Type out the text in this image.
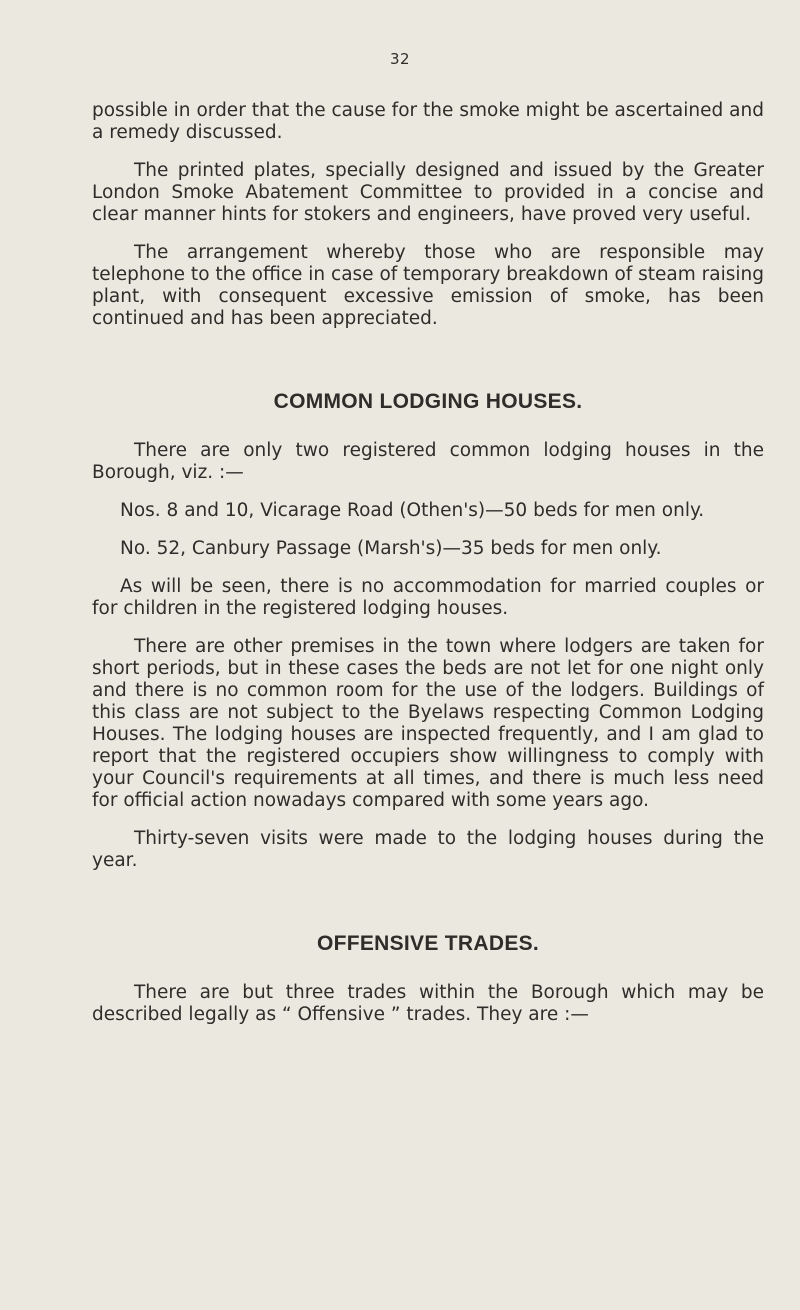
32

possible in order that the cause for the smoke might be ascertained and a remedy discussed.

The printed plates, specially designed and issued by the Greater London Smoke Abatement Committee to provided in a concise and clear manner hints for stokers and engineers, have proved very useful.

The arrangement whereby those who are responsible may telephone to the office in case of temporary breakdown of steam raising plant, with consequent excessive emission of smoke, has been continued and has been appreciated.

COMMON LODGING HOUSES.

There are only two registered common lodging houses in the Borough, viz. :—

Nos. 8 and 10, Vicarage Road (Othen's)—50 beds for men only.

No. 52, Canbury Passage (Marsh's)—35 beds for men only.

As will be seen, there is no accommodation for married couples or for children in the registered lodging houses.

There are other premises in the town where lodgers are taken for short periods, but in these cases the beds are not let for one night only and there is no common room for the use of the lodgers. Buildings of this class are not subject to the Byelaws respecting Common Lodging Houses. The lodging houses are inspected frequently, and I am glad to report that the registered occupiers show willingness to comply with your Council's requirements at all times, and there is much less need for official action nowadays compared with some years ago.

Thirty-seven visits were made to the lodging houses during the year.

OFFENSIVE TRADES.

There are but three trades within the Borough which may be described legally as “ Offensive ” trades. They are :—
